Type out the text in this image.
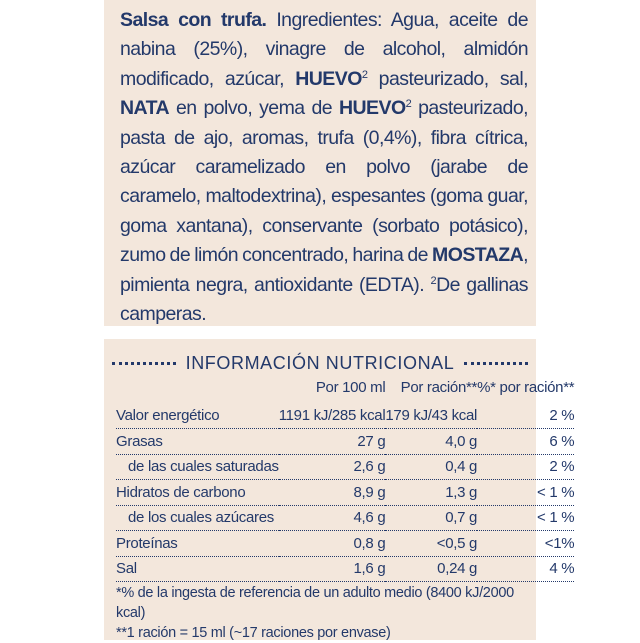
Salsa con trufa. Ingredientes: Agua, aceite de nabina (25%), vinagre de alcohol, almidón modificado, azúcar, HUEVO$^2$ pasteurizado, sal, NATA en polvo, yema de HUEVO$^2$ pasteurizado, pasta de ajo, aromas, trufa (0,4%), fibra cítrica, azúcar caramelizado en polvo (jarabe de caramelo, maltodextrina), espesantes (goma guar, goma xantana), conservante (sorbato potásico), zumo de limón concentrado, harina de MOSTAZA, pimienta negra, antioxidante (EDTA). $^2$De gallinas camperas.
INFORMACIÓN NUTRICIONAL
	Por 100 ml	Por ración**	%* por ración**
Valor energético	1191 kJ/285 kcal	179 kJ/43 kcal	2 %
Grasas	27 g	4,0 g	6 %
de las cuales saturadas	2,6 g	0,4 g	2 %
Hidratos de carbono	8,9 g	1,3 g	< 1 %
de los cuales azúcares	4,6 g	0,7 g	< 1 %
Proteínas	0,8 g	<0,5 g	<1%
Sal	1,6 g	0,24 g	4 %
*% de la ingesta de referencia de un adulto medio (8400 kJ/2000 kcal)
**1 ración = 15 ml (~17 raciones por envase)
